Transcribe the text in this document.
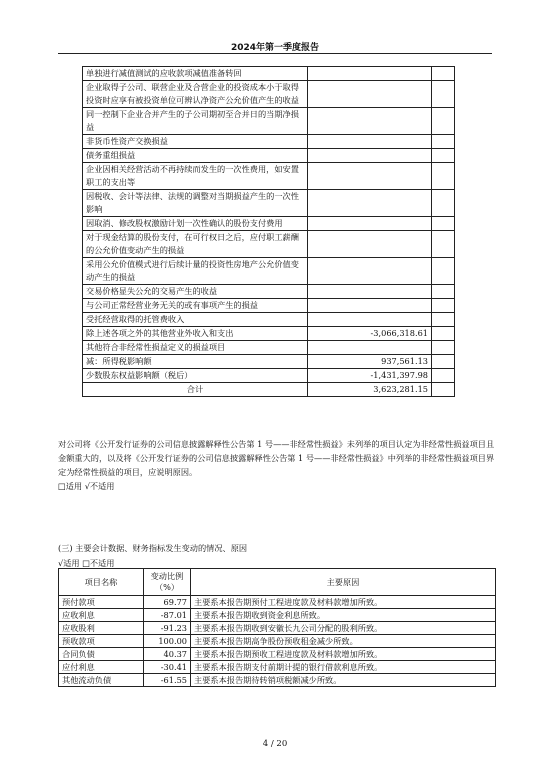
2024年第一季度报告
单独进行减值测试的应收款项减值准备转回		
企业取得子公司、联营企业及合营企业的投资成本小于取得投资时应享有被投资单位可辨认净资产公允价值产生的收益		
同一控制下企业合并产生的子公司期初至合并日的当期净损益		
非货币性资产交换损益		
债务重组损益		
企业因相关经营活动不再持续而发生的一次性费用，如安置职工的支出等		
因税收、会计等法律、法规的调整对当期损益产生的一次性影响		
因取消、修改股权激励计划一次性确认的股份支付费用		
对于现金结算的股份支付，在可行权日之后，应付职工薪酬的公允价值变动产生的损益		
采用公允价值模式进行后续计量的投资性房地产公允价值变动产生的损益		
交易价格显失公允的交易产生的收益		
与公司正常经营业务无关的或有事项产生的损益		
受托经营取得的托管费收入		
除上述各项之外的其他营业外收入和支出	-3,066,318.61	
其他符合非经常性损益定义的损益项目		
减：所得税影响额	937,561.13	
少数股东权益影响额（税后）	-1,431,397.98	
合计	3,623,281.15	

对公司将《公开发行证券的公司信息披露解释性公告第 1 号——非经常性损益》未列举的项目认定为非经常性损益项目且金额重大的，以及将《公开发行证券的公司信息披露解释性公告第 1 号——非经常性损益》中列举的非经常性损益项目界定为经常性损益的项目，应说明原因。

□适用 √不适用

(三) 主要会计数据、财务指标发生变动的情况、原因
√适用 □不适用
项目名称	变动比例（%）	主要原因
预付款项	69.77	主要系本报告期预付工程进度款及材料款增加所致。
应收利息	-87.01	主要系本报告期收到资金利息所致。
应收股利	-91.23	主要系本报告期收到安徽长九公司分配的股利所致。
预收款项	100.00	主要系本报告期高争股份预收租金减少所致。
合同负债	40.37	主要系本报告期预收工程进度款及材料款增加所致。
应付利息	-30.41	主要系本报告期支付前期计提的银行借款利息所致。
其他流动负债	-61.55	主要系本报告期待转销项税额减少所致。
4 / 20
